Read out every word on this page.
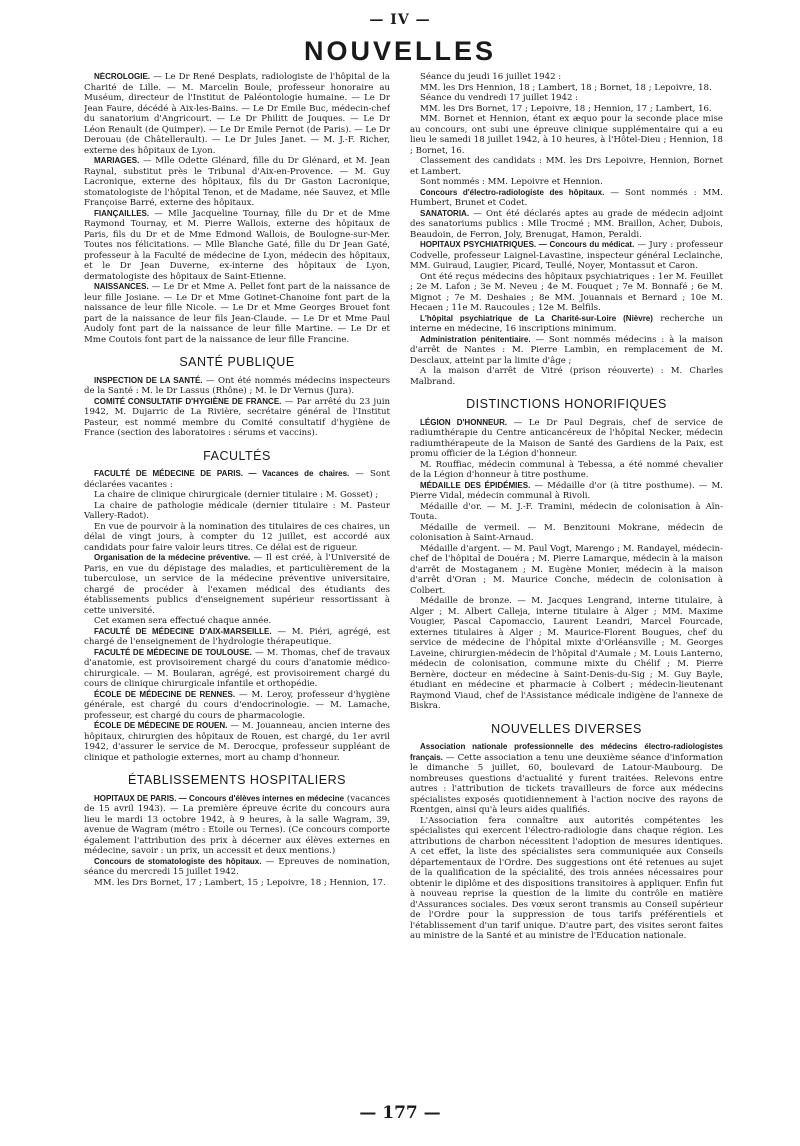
— IV —
NOUVELLES

NÉCROLOGIE. — Le Dr René Desplats, radiologiste de l'hôpital de la Charité de Lille. — M. Marcelin Boule, professeur honoraire au Muséum, directeur de l'Institut de Paléontologie humaine. — Le Dr Jean Faure, décédé à Aix-les-Bains. — Le Dr Emile Buc, médecin-chef du sanatorium d'Angricourt. — Le Dr Philitt de Jouques. — Le Dr Léon Renault (de Quimper). — Le Dr Emile Pernot (de Paris). — Le Dr Derouau (de Châtellerault). — Le Dr Jules Janet. — M. J.-F. Richer, externe des hôpitaux de Lyon.

MARIAGES. — Mlle Odette Glénard, fille du Dr Glénard, et M. Jean Raynal, substitut près le Tribunal d'Aix-en-Provence. — M. Guy Lacronique, externe des hôpitaux, fils du Dr Gaston Lacronique, stomatologiste de l'hôpital Tenon, et de Madame, née Sauvez, et Mlle Françoise Barré, externe des hôpitaux.

FIANÇAILLES. — Mlle Jacqueline Tournay, fille du Dr et de Mme Raymond Tournay, et M. Pierre Wallois, externe des hôpitaux de Paris, fils du Dr et de Mme Edmond Wallois, de Boulogne-sur-Mer. Toutes nos félicitations. — Mlle Blanche Gaté, fille du Dr Jean Gaté, professeur à la Faculté de médecine de Lyon, médecin des hôpitaux, et le Dr Jean Duverne, ex-interne des hôpitaux de Lyon, dermatologiste des hôpitaux de Saint-Etienne.

NAISSANCES. — Le Dr et Mme A. Pellet font part de la naissance de leur fille Josiane. — Le Dr et Mme Gotinet-Chanoine font part de la naissance de leur fille Nicole. — Le Dr et Mme Georges Brouet font part de la naissance de leur fils Jean-Claude. — Le Dr et Mme Paul Audoly font part de la naissance de leur fille Martine. — Le Dr et Mme Coutois font part de la naissance de leur fille Francine.

SANTÉ PUBLIQUE

INSPECTION DE LA SANTÉ. — Ont été nommés médecins inspecteurs de la Santé : M. le Dr Lassus (Rhône) ; M. le Dr Vernus (Jura).

COMITÉ CONSULTATIF D'HYGIÈNE DE FRANCE. — Par arrêté du 23 juin 1942, M. Dujarric de La Rivière, secrétaire général de l'Institut Pasteur, est nommé membre du Comité consultatif d'hygiène de France (section des laboratoires : sérums et vaccins).

FACULTÉS

FACULTÉ DE MÉDECINE DE PARIS. — Vacances de chaires. — Sont déclarées vacantes :

La chaire de clinique chirurgicale (dernier titulaire : M. Gosset) ;

La chaire de pathologie médicale (dernier titulaire : M. Pasteur Vallery-Radot).

En vue de pourvoir à la nomination des titulaires de ces chaires, un délai de vingt jours, à compter du 12 juillet, est accordé aux candidats pour faire valoir leurs titres. Ce délai est de rigueur.

Organisation de la médecine préventive. — Il est créé, à l'Université de Paris, en vue du dépistage des maladies, et particulièrement de la tuberculose, un service de la médecine préventive universitaire, chargé de procéder à l'examen médical des étudiants des établissements publics d'enseignement supérieur ressortissant à cette université.

Cet examen sera effectué chaque année.

FACULTÉ DE MÉDECINE D'AIX-MARSEILLE. — M. Piéri, agrégé, est chargé de l'enseignement de l'hydrologie thérapeutique.

FACULTÉ DE MÉDECINE DE TOULOUSE. — M. Thomas, chef de travaux d'anatomie, est provisoirement chargé du cours d'anatomie médico-chirurgicale. — M. Boularan, agrégé, est provisoirement chargé du cours de clinique chirurgicale infantile et orthopédie.

ÉCOLE DE MÉDECINE DE RENNES. — M. Leroy, professeur d'hygiène générale, est chargé du cours d'endocrinologie. — M. Lamache, professeur, est chargé du cours de pharmacologie.

ÉCOLE DE MÉDECINE DE ROUEN. — M. Jouanneau, ancien interne des hôpitaux, chirurgien des hôpitaux de Rouen, est chargé, du 1er avril 1942, d'assurer le service de M. Derocque, professeur suppléant de clinique et pathologie externes, mort au champ d'honneur.

ÉTABLISSEMENTS HOSPITALIERS

HOPITAUX DE PARIS. — Concours d'élèves internes en médecine (vacances de 15 avril 1943). — La première épreuve écrite du concours aura lieu le mardi 13 octobre 1942, à 9 heures, à la salle Wagram, 39, avenue de Wagram (métro : Etoile ou Ternes). (Ce concours comporte également l'attribution des prix à décerner aux élèves externes en médecine, savoir : un prix, un accessit et deux mentions.)

Concours de stomatologiste des hôpitaux. — Epreuves de nomination, séance du mercredi 15 juillet 1942.

MM. les Drs Bornet, 17 ; Lambert, 15 ; Lepoivre, 18 ; Hennion, 17.

Séance du jeudi 16 juillet 1942 :

MM. les Drs Hennion, 18 ; Lambert, 18 ; Bornet, 18 ; Lepoivre, 18.

Séance du vendredi 17 juillet 1942 :

MM. les Drs Bornet, 17 ; Lepoivre, 18 ; Hennion, 17 ; Lambert, 16.

MM. Bornet et Hennion, étant ex æquo pour la seconde place mise au concours, ont subi une épreuve clinique supplémentaire qui a eu lieu le samedi 18 juillet 1942, à 10 heures, à l'Hôtel-Dieu ; Hennion, 18 ; Bornet, 16.

Classement des candidats : MM. les Drs Lepoivre, Hennion, Bornet et Lambert.

Sont nommés : MM. Lepoivre et Hennion.

Concours d'électro-radiologiste des hôpitaux. — Sont nommés : MM. Humbert, Brunet et Codet.

SANATORIA. — Ont été déclarés aptes au grade de médecin adjoint des sanatoriums publics : Mlle Trocmé ; MM. Braillon, Acher, Dubois, Beaudoin, de Ferron, Joly, Brenugat, Hamon, Peraldi.

HOPITAUX PSYCHIATRIQUES. — Concours du médicat. — Jury : professeur Codvelle, professeur Laignel-Lavastine, inspecteur général Leclainche, MM. Guiraud, Laugier, Picard, Teullé, Noyer, Montassut et Caron.

Ont été reçus médecins des hôpitaux psychiatriques : 1er M. Feuillet ; 2e M. Lafon ; 3e M. Neveu ; 4e M. Fouquet ; 7e M. Bonnafé ; 6e M. Mignot ; 7e M. Deshaies ; 8e MM. Jouannais et Bernard ; 10e M. Hecaen ; 11e M. Raucoules ; 12e M. Belfils.

L'hôpital psychiatrique de La Charité-sur-Loire (Nièvre) recherche un interne en médecine, 16 inscriptions minimum.

Administration pénitentiaire. — Sont nommés médecins : à la maison d'arrêt de Nantes : M. Pierre Lambin, en remplacement de M. Desclaux, atteint par la limite d'âge ;

A la maison d'arrêt de Vitré (prison réouverte) : M. Charles Malbrand.

DISTINCTIONS HONORIFIQUES

LÉGION D'HONNEUR. — Le Dr Paul Degrais, chef de service de radiumthérapie du Centre anticancéreux de l'hôpital Necker, médecin radiumthérapeute de la Maison de Santé des Gardiens de la Paix, est promu officier de la Légion d'honneur.

M. Rouffiac, médecin communal à Tebessa, a été nommé chevalier de la Légion d'honneur à titre posthume.

MÉDAILLE DES ÉPIDÉMIES. — Médaille d'or (à titre posthume). — M. Pierre Vidal, médecin communal à Rivoli.

Médaille d'or. — M. J.-F. Tramini, médecin de colonisation à Aïn-Touta.

Médaille de vermeil. — M. Benzitouni Mokrane, médecin de colonisation à Saint-Arnaud.

Médaille d'argent. — M. Paul Vogt, Marengo ; M. Randayel, médecin-chef de l'hôpital de Douéra ; M. Pierre Lamarque, médecin à la maison d'arrêt de Mostaganem ; M. Eugène Monier, médecin à la maison d'arrêt d'Oran ; M. Maurice Conche, médecin de colonisation à Colbert.

Médaille de bronze. — M. Jacques Lengrand, interne titulaire, à Alger ; M. Albert Calleja, interne titulaire à Alger ; MM. Maxime Vougier, Pascal Capomaccio, Laurent Leandri, Marcel Fourcade, externes titulaires à Alger ; M. Maurice-Florent Bougues, chef du service de médecine de l'hôpital mixte d'Orléansville ; M. Georges Laveine, chirurgien-médecin de l'hôpital d'Aumale ; M. Louis Lanterno, médecin de colonisation, commune mixte du Chélif ; M. Pierre Bernère, docteur en médecine à Saint-Denis-du-Sig ; M. Guy Bayle, étudiant en médecine et pharmacie à Colbert ; médecin-lieutenant Raymond Viaud, chef de l'Assistance médicale indigène de l'annexe de Biskra.

NOUVELLES DIVERSES

Association nationale professionnelle des médecins électro-radiologistes français. — Cette association a tenu une deuxième séance d'information le dimanche 5 juillet, 60, boulevard de Latour-Maubourg. De nombreuses questions d'actualité y furent traitées. Relevons entre autres : l'attribution de tickets travailleurs de force aux médecins spécialistes exposés quotidiennement à l'action nocive des rayons de Rœntgen, ainsi qu'à leurs aides qualifiés.

L'Association fera connaître aux autorités compétentes les spécialistes qui exercent l'électro-radiologie dans chaque région. Les attributions de charbon nécessitent l'adoption de mesures identiques. A cet effet, la liste des spécialistes sera communiquée aux Conseils départementaux de l'Ordre. Des suggestions ont été retenues au sujet de la qualification de la spécialité, des trois années nécessaires pour obtenir le diplôme et des dispositions transitoires à appliquer. Enfin fut à nouveau reprise la question de la limite du contrôle en matière d'Assurances sociales. Des vœux seront transmis au Conseil supérieur de l'Ordre pour la suppression de tous tarifs préférentiels et l'établissement d'un tarif unique. D'autre part, des visites seront faites au ministre de la Santé et au ministre de l'Education nationale.

— 177 —
